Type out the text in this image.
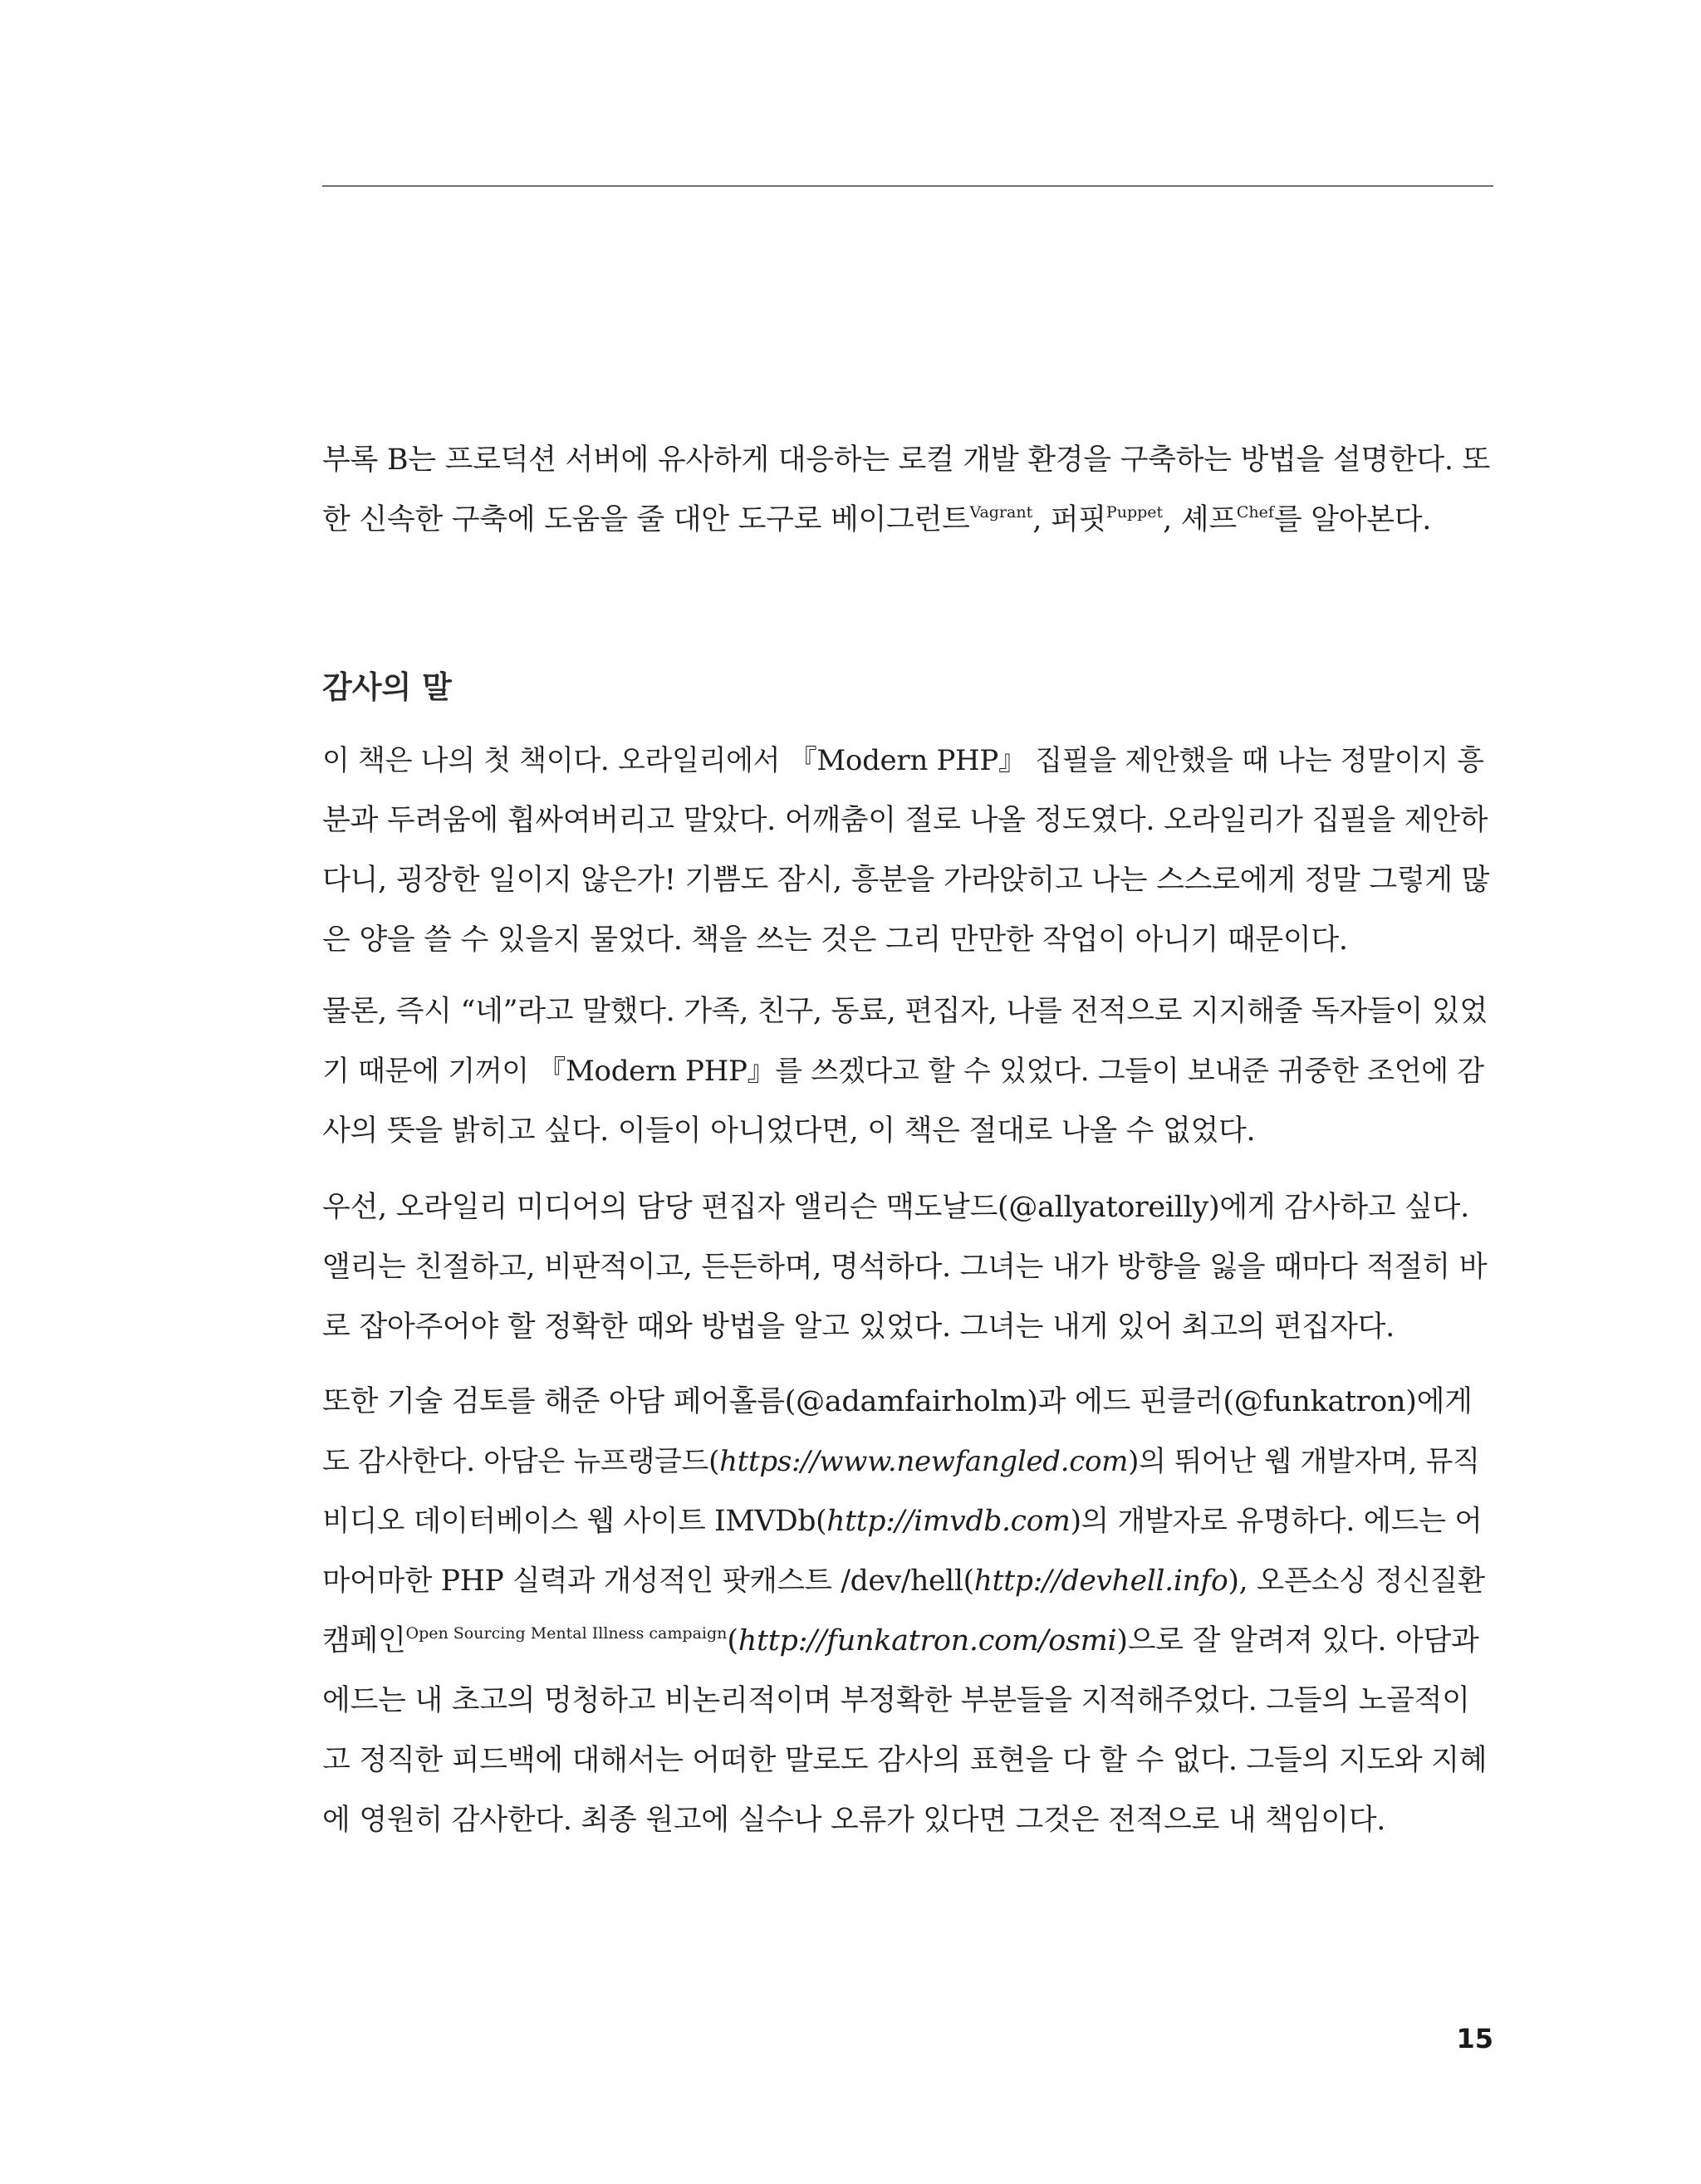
부록 B는 프로덕션 서버에 유사하게 대응하는 로컬 개발 환경을 구축하는 방법을 설명한다. 또
한 신속한 구축에 도움을 줄 대안 도구로 베이그런트$^{Vagrant}$, 퍼핏$^{Puppet}$, 셰프$^{Chef}$를 알아본다.
감사의 말
이 책은 나의 첫 책이다. 오라일리에서 『Modern PHP』 집필을 제안했을 때 나는 정말이지 흥
분과 두려움에 휩싸여버리고 말았다. 어깨춤이 절로 나올 정도였다. 오라일리가 집필을 제안하
다니, 굉장한 일이지 않은가! 기쁨도 잠시, 흥분을 가라앉히고 나는 스스로에게 정말 그렇게 많
은 양을 쓸 수 있을지 물었다. 책을 쓰는 것은 그리 만만한 작업이 아니기 때문이다.
물론, 즉시 “네”라고 말했다. 가족, 친구, 동료, 편집자, 나를 전적으로 지지해줄 독자들이 있었
기 때문에 기꺼이 『Modern PHP』를 쓰겠다고 할 수 있었다. 그들이 보내준 귀중한 조언에 감
사의 뜻을 밝히고 싶다. 이들이 아니었다면, 이 책은 절대로 나올 수 없었다.
우선, 오라일리 미디어의 담당 편집자 앨리슨 맥도날드(@allyatoreilly)에게 감사하고 싶다.
앨리는 친절하고, 비판적이고, 든든하며, 명석하다. 그녀는 내가 방향을 잃을 때마다 적절히 바
로 잡아주어야 할 정확한 때와 방법을 알고 있었다. 그녀는 내게 있어 최고의 편집자다.
또한 기술 검토를 해준 아담 페어홀름(@adamfairholm)과 에드 핀클러(@funkatron)에게
도 감사한다. 아담은 뉴프랭글드(https://www.newfangled.com)의 뛰어난 웹 개발자며, 뮤직
비디오 데이터베이스 웹 사이트 IMVDb(http://imvdb.com)의 개발자로 유명하다. 에드는 어
마어마한 PHP 실력과 개성적인 팟캐스트 /dev/hell(http://devhell.info), 오픈소싱 정신질환
캠페인$^{Open Sourcing Mental Illness campaign}$(http://funkatron.com/osmi)으로 잘 알려져 있다. 아담과
에드는 내 초고의 멍청하고 비논리적이며 부정확한 부분들을 지적해주었다. 그들의 노골적이
고 정직한 피드백에 대해서는 어떠한 말로도 감사의 표현을 다 할 수 없다. 그들의 지도와 지혜
에 영원히 감사한다. 최종 원고에 실수나 오류가 있다면 그것은 전적으로 내 책임이다.
15
